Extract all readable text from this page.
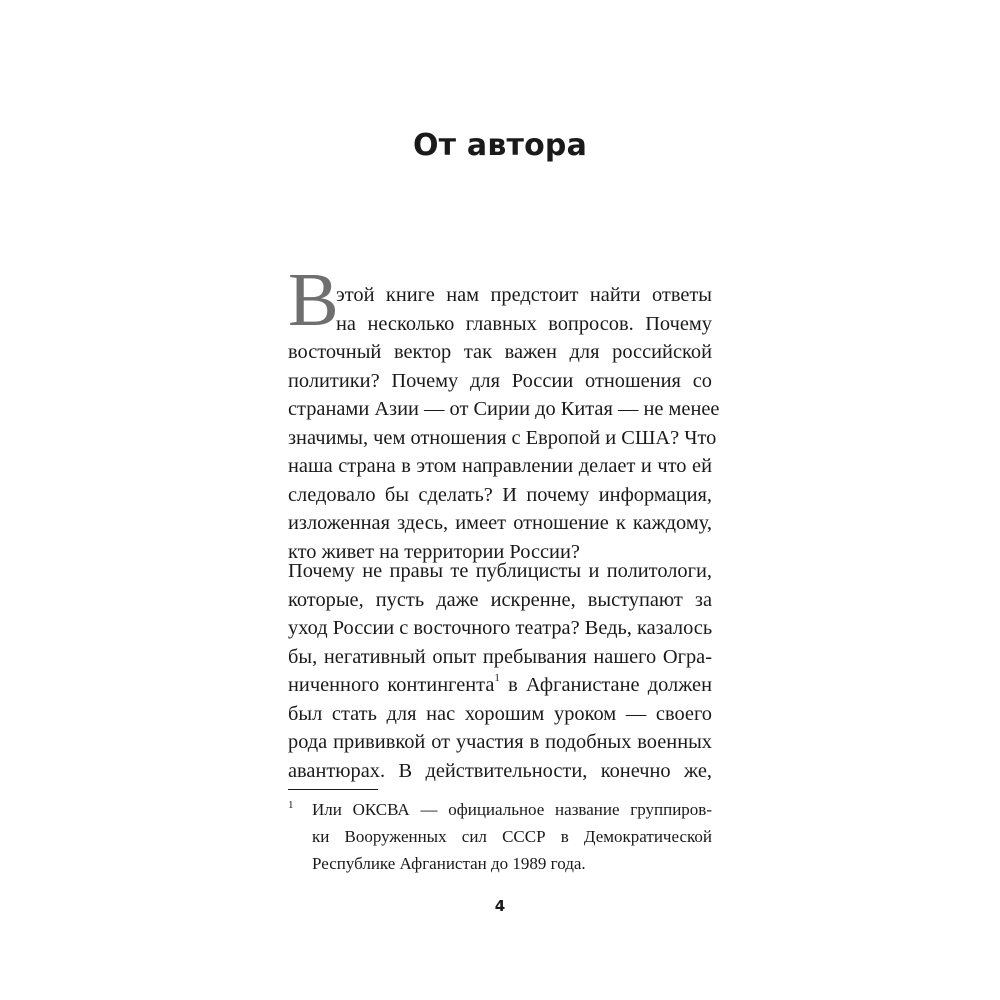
От автора
В
этой книге нам предстоит найти ответы
на несколько главных вопросов. Почему
восточный вектор так важен для российской
политики? Почему для России отношения со
странами Азии — от Сирии до Китая — не менее
значимы, чем отношения с Европой и США? Что
наша страна в этом направлении делает и что ей
следовало бы сделать? И почему информация,
изложенная здесь, имеет отношение к каждому,
кто живет на территории России?
Почему не правы те публицисты и политологи,
которые, пусть даже искренне, выступают за
уход России с восточного театра? Ведь, казалось
бы, негативный опыт пребывания нашего Огра-
ниченного контингента$^1$ в Афганистане должен
был стать для нас хорошим уроком — своего
рода прививкой от участия в подобных военных
авантюрах. В действительности, конечно же,
1 Или ОКСВА — официальное название группиров-
ки Вооруженных сил СССР в Демократической
Республике Афганистан до 1989 года.
4
